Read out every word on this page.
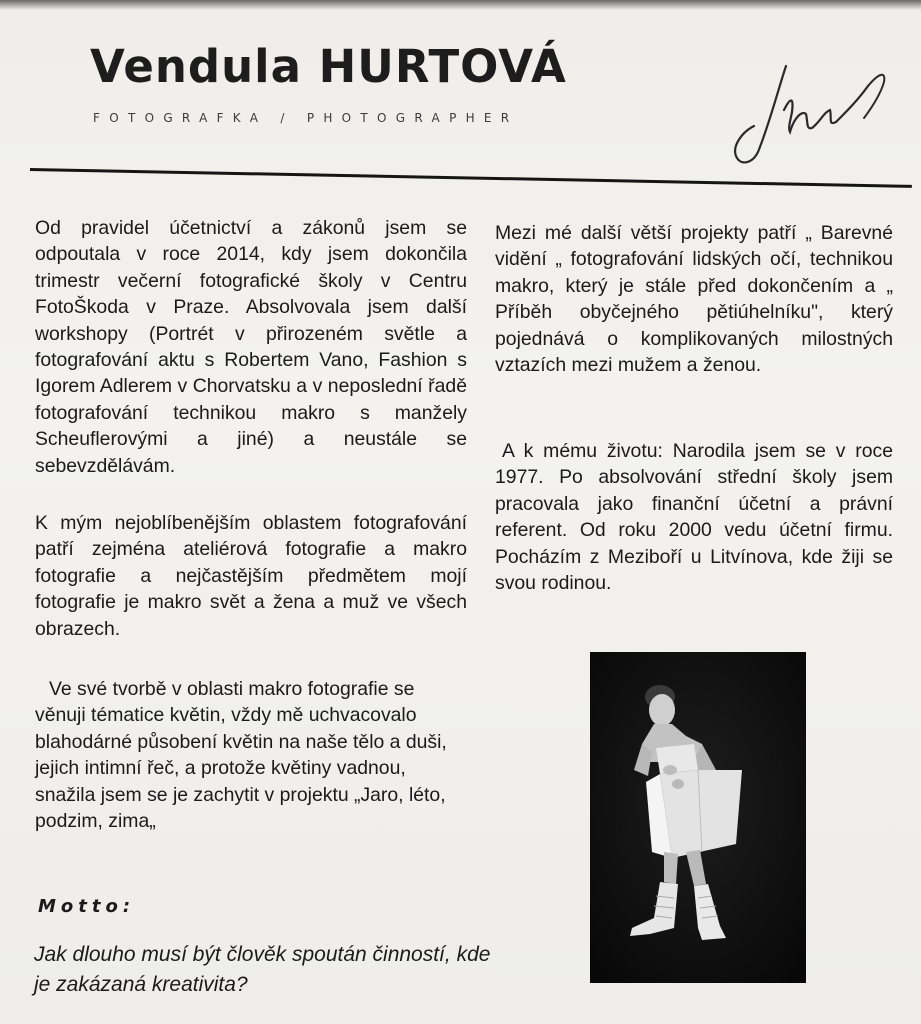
Vendula HURTOVÁ
FOTOGRAFKA / PHOTOGRAPHER

Od pravidel účetnictví a zákonů jsem se odpoutala v roce 2014, kdy jsem dokončila trimestr večerní fotografické školy v Centru FotoŠkoda v Praze. Absolvovala jsem další workshopy (Portrét v přirozeném světle a fotografování aktu s Robertem Vano, Fashion s Igorem Adlerem v Chorvatsku a v neposlední řadě fotografování technikou makro s manžely Scheuflerovými a jiné) a neustále se sebevzdělávám.

K mým nejoblíbenějším oblastem fotografování patří zejména ateliérová fotografie a makro fotografie a nejčastějším předmětem mojí fotografie je makro svět a žena a muž ve všech obrazech.

Ve své tvorbě v oblasti makro fotografie se věnuji tématice květin, vždy mě uchvacovalo blahodárné působení květin na naše tělo a duši, jejich intimní řeč, a protože květiny vadnou, snažila jsem se je zachytit v projektu „Jaro, léto, podzim, zima„

Mezi mé další větší projekty patří „ Barevné vidění „ fotografování lidských očí, technikou makro, který je stále před dokončením a „ Příběh obyčejného pětiúhelníku", který pojednává o komplikovaných milostných vztazích mezi mužem a ženou.

A k mému životu: Narodila jsem se v roce 1977. Po absolvování střední školy jsem pracovala jako finanční účetní a právní referent. Od roku 2000 vedu účetní firmu. Pocházím z Meziboří u Litvínova, kde žiji se svou rodinou.

Motto:

Jak dlouho musí být člověk spoután činností, kde je zakázaná kreativita?
